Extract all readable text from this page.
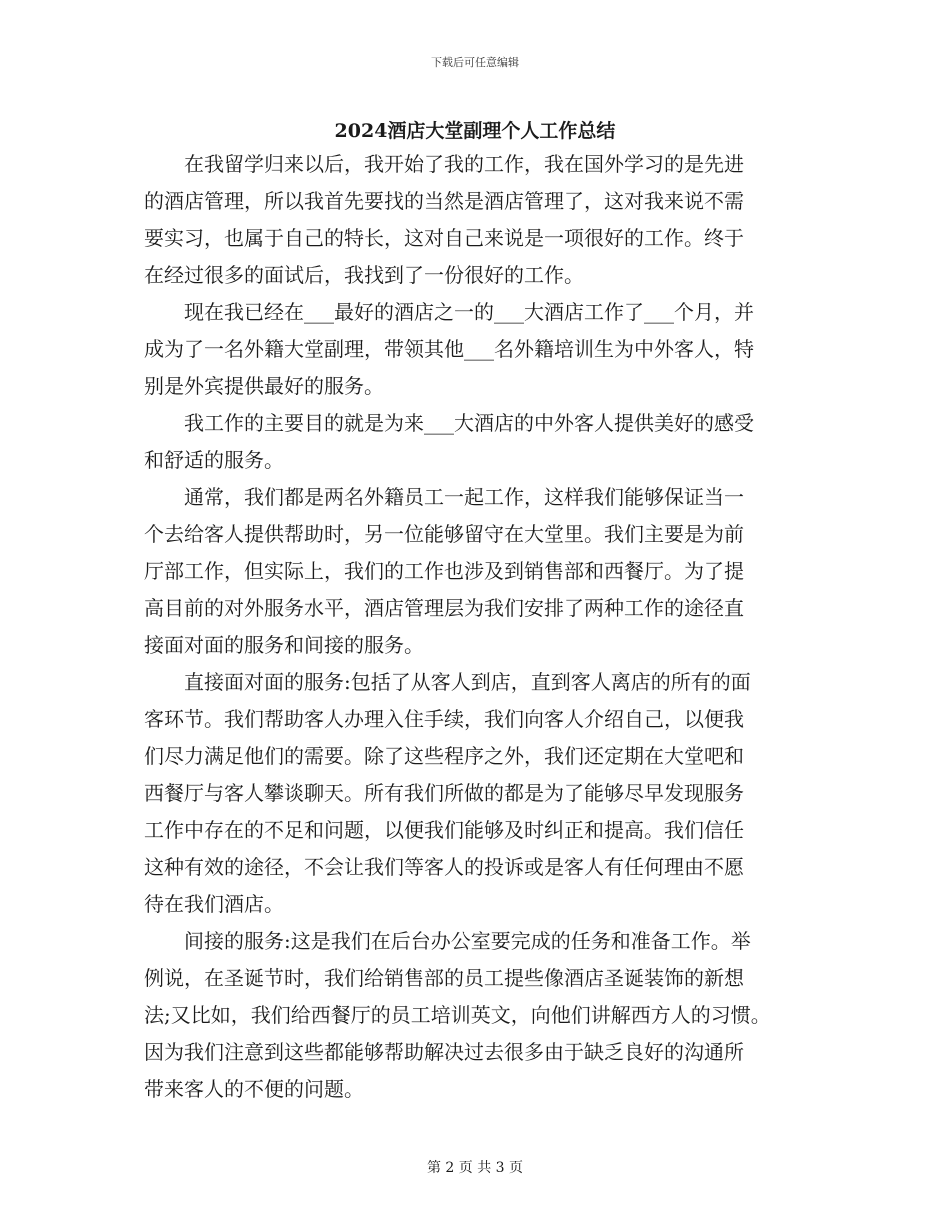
下载后可任意编辑
2024酒店大堂副理个人工作总结
在我留学归来以后，我开始了我的工作，我在国外学习的是先进
的酒店管理，所以我首先要找的当然是酒店管理了，这对我来说不需
要实习，也属于自己的特长，这对自己来说是一项很好的工作。终于
在经过很多的面试后，我找到了一份很好的工作。
现在我已经在___最好的酒店之一的___大酒店工作了___个月，并
成为了一名外籍大堂副理，带领其他___名外籍培训生为中外客人，特
别是外宾提供最好的服务。
我工作的主要目的就是为来___大酒店的中外客人提供美好的感受
和舒适的服务。
通常，我们都是两名外籍员工一起工作，这样我们能够保证当一
个去给客人提供帮助时，另一位能够留守在大堂里。我们主要是为前
厅部工作，但实际上，我们的工作也涉及到销售部和西餐厅。为了提
高目前的对外服务水平，酒店管理层为我们安排了两种工作的途径直
接面对面的服务和间接的服务。
直接面对面的服务:包括了从客人到店，直到客人离店的所有的面
客环节。我们帮助客人办理入住手续，我们向客人介绍自己，以便我
们尽力满足他们的需要。除了这些程序之外，我们还定期在大堂吧和
西餐厅与客人攀谈聊天。所有我们所做的都是为了能够尽早发现服务
工作中存在的不足和问题，以便我们能够及时纠正和提高。我们信任
这种有效的途径，不会让我们等客人的投诉或是客人有任何理由不愿
待在我们酒店。
间接的服务:这是我们在后台办公室要完成的任务和准备工作。举
例说，在圣诞节时，我们给销售部的员工提些像酒店圣诞装饰的新想
法;又比如，我们给西餐厅的员工培训英文，向他们讲解西方人的习惯。
因为我们注意到这些都能够帮助解决过去很多由于缺乏良好的沟通所
带来客人的不便的问题。
第 2 页 共 3 页
